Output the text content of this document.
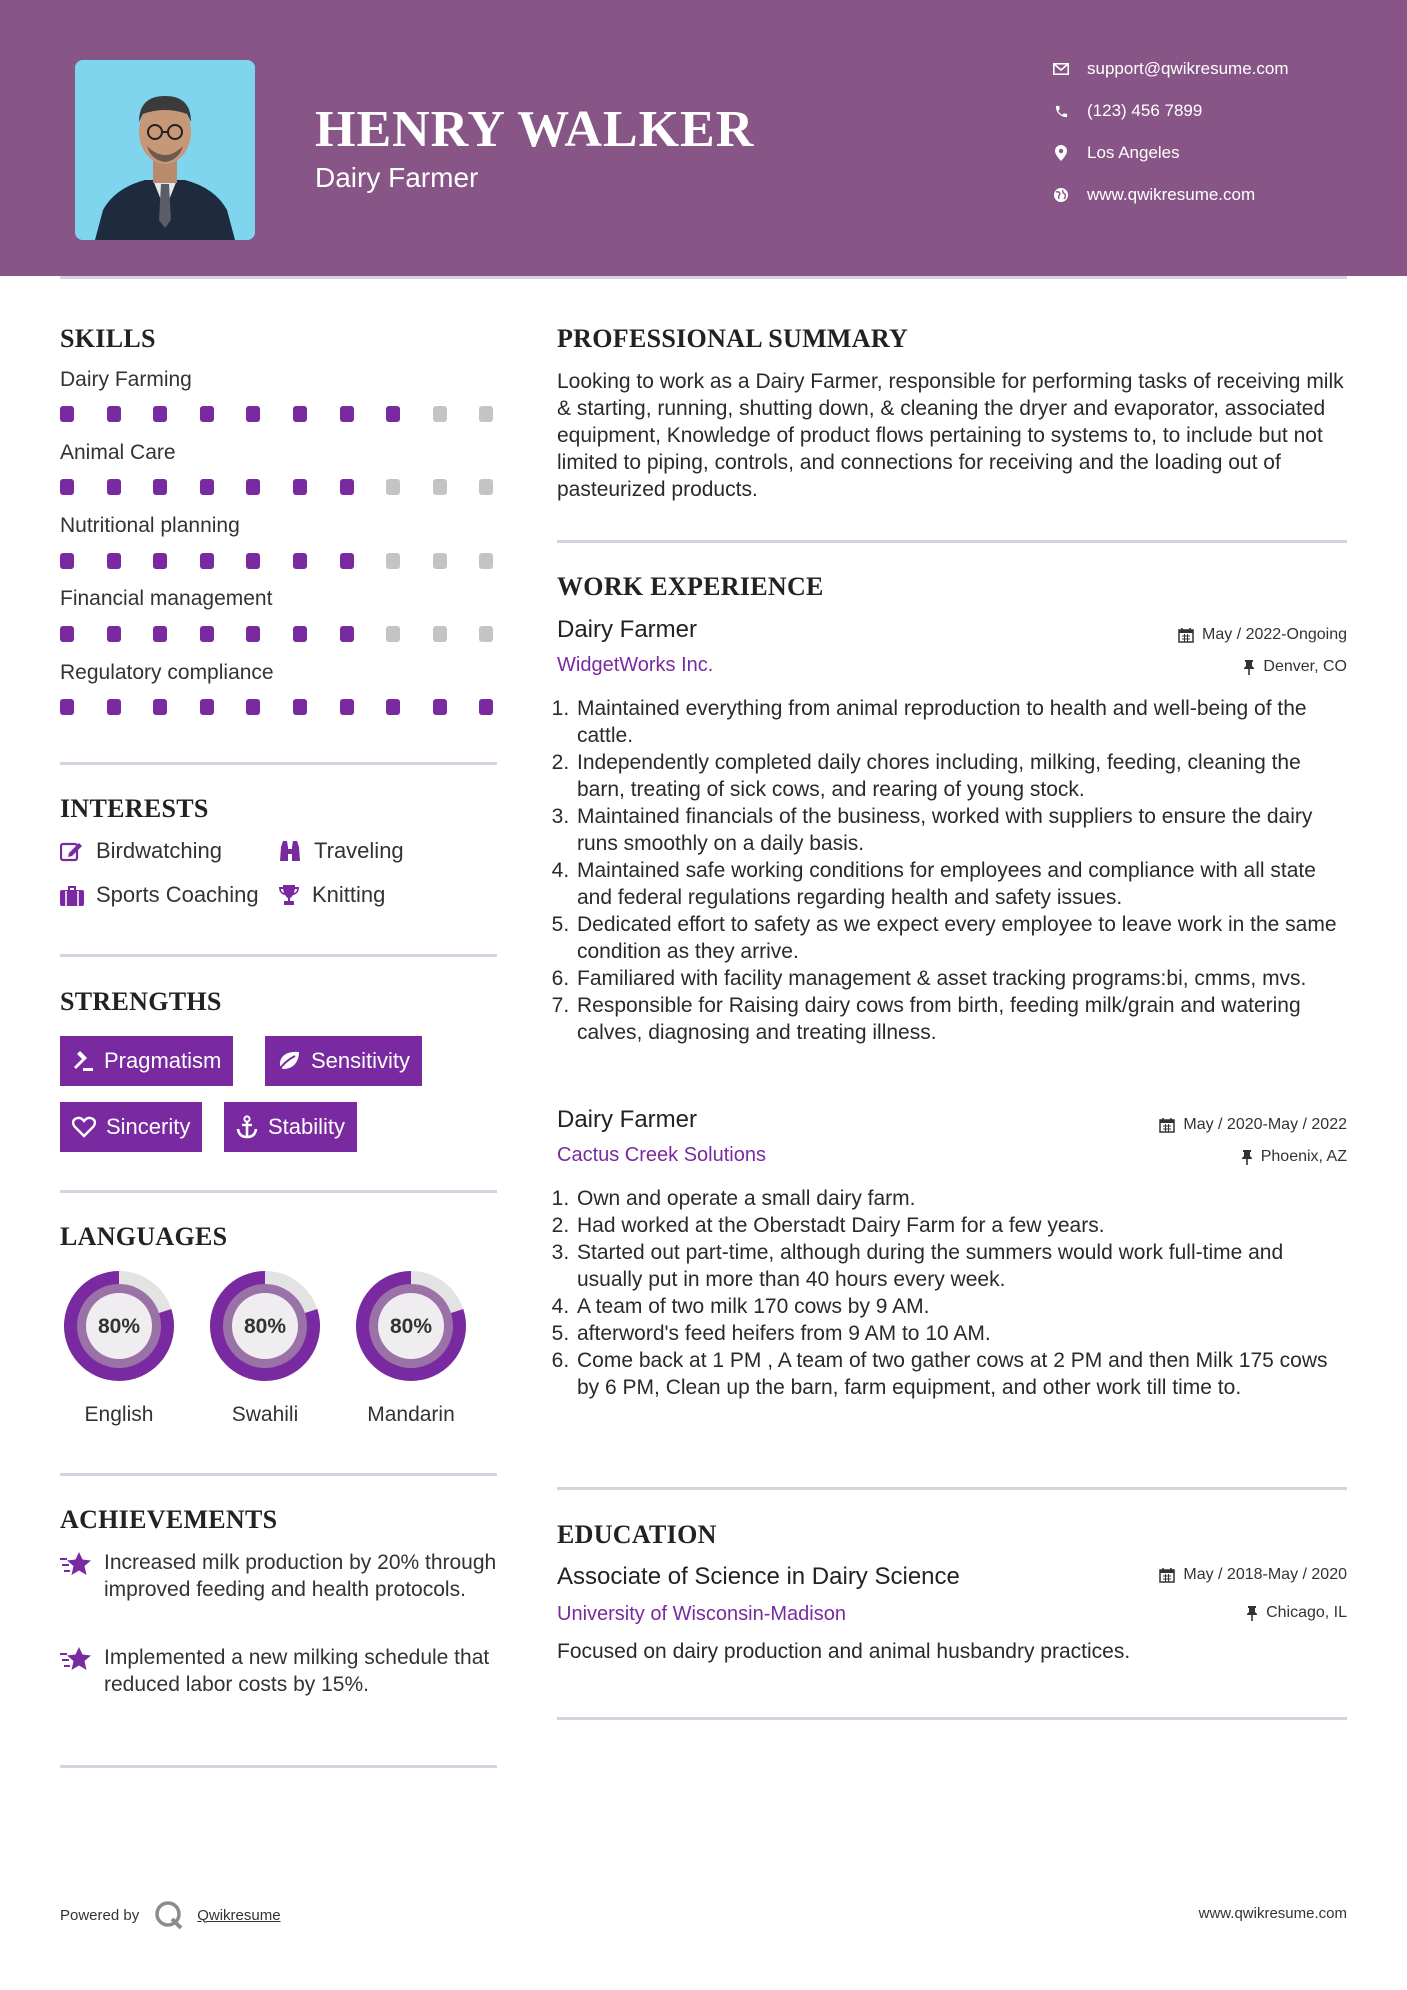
HENRY WALKER
Dairy Farmer
support@qwikresume.com
(123) 456 7899
Los Angeles
www.qwikresume.com
SKILLS
Dairy Farming
Animal Care
Nutritional planning
Financial management
Regulatory compliance
INTERESTS
Birdwatching	Traveling
Sports Coaching Knitting
STRENGTHS
Pragmatism	Sensitivity
Sincerity	Stability
LANGUAGES
80%
English
80%
Swahili
80%
Mandarin
ACHIEVEMENTS
Increased milk production by 20% through improved feeding and health protocols.
Implemented a new milking schedule that reduced labor costs by 15%.
PROFESSIONAL SUMMARY
Looking to work as a Dairy Farmer, responsible for performing tasks of receiving milk & starting, running, shutting down, & cleaning the dryer and evaporator, associated equipment, Knowledge of product flows pertaining to systems to, to include but not limited to piping, controls, and connections for receiving and the loading out of pasteurized products.
WORK EXPERIENCE
Dairy Farmer	May / 2022-Ongoing
WidgetWorks Inc.	Denver, CO
1. Maintained everything from animal reproduction to health and well-being of the cattle.
2. Independently completed daily chores including, milking, feeding, cleaning the barn, treating of sick cows, and rearing of young stock.
3. Maintained financials of the business, worked with suppliers to ensure the dairy runs smoothly on a daily basis.
4. Maintained safe working conditions for employees and compliance with all state and federal regulations regarding health and safety issues.
5. Dedicated effort to safety as we expect every employee to leave work in the same condition as they arrive.
6. Familiared with facility management & asset tracking programs:bi, cmms, mvs.
7. Responsible for Raising dairy cows from birth, feeding milk/grain and watering calves, diagnosing and treating illness.
Dairy Farmer	May / 2020-May / 2022
Cactus Creek Solutions	Phoenix, AZ
1. Own and operate a small dairy farm.
2. Had worked at the Oberstadt Dairy Farm for a few years.
3. Started out part-time, although during the summers would work full-time and usually put in more than 40 hours every week.
4. A team of two milk 170 cows by 9 AM.
5. afterword's feed heifers from 9 AM to 10 AM.
6. Come back at 1 PM , A team of two gather cows at 2 PM and then Milk 175 cows by 6 PM, Clean up the barn, farm equipment, and other work till time to.
EDUCATION
Associate of Science in Dairy Science	May / 2018-May / 2020
University of Wisconsin-Madison	Chicago, IL
Focused on dairy production and animal husbandry practices.
Powered by	Qwikresume	www.qwikresume.com
